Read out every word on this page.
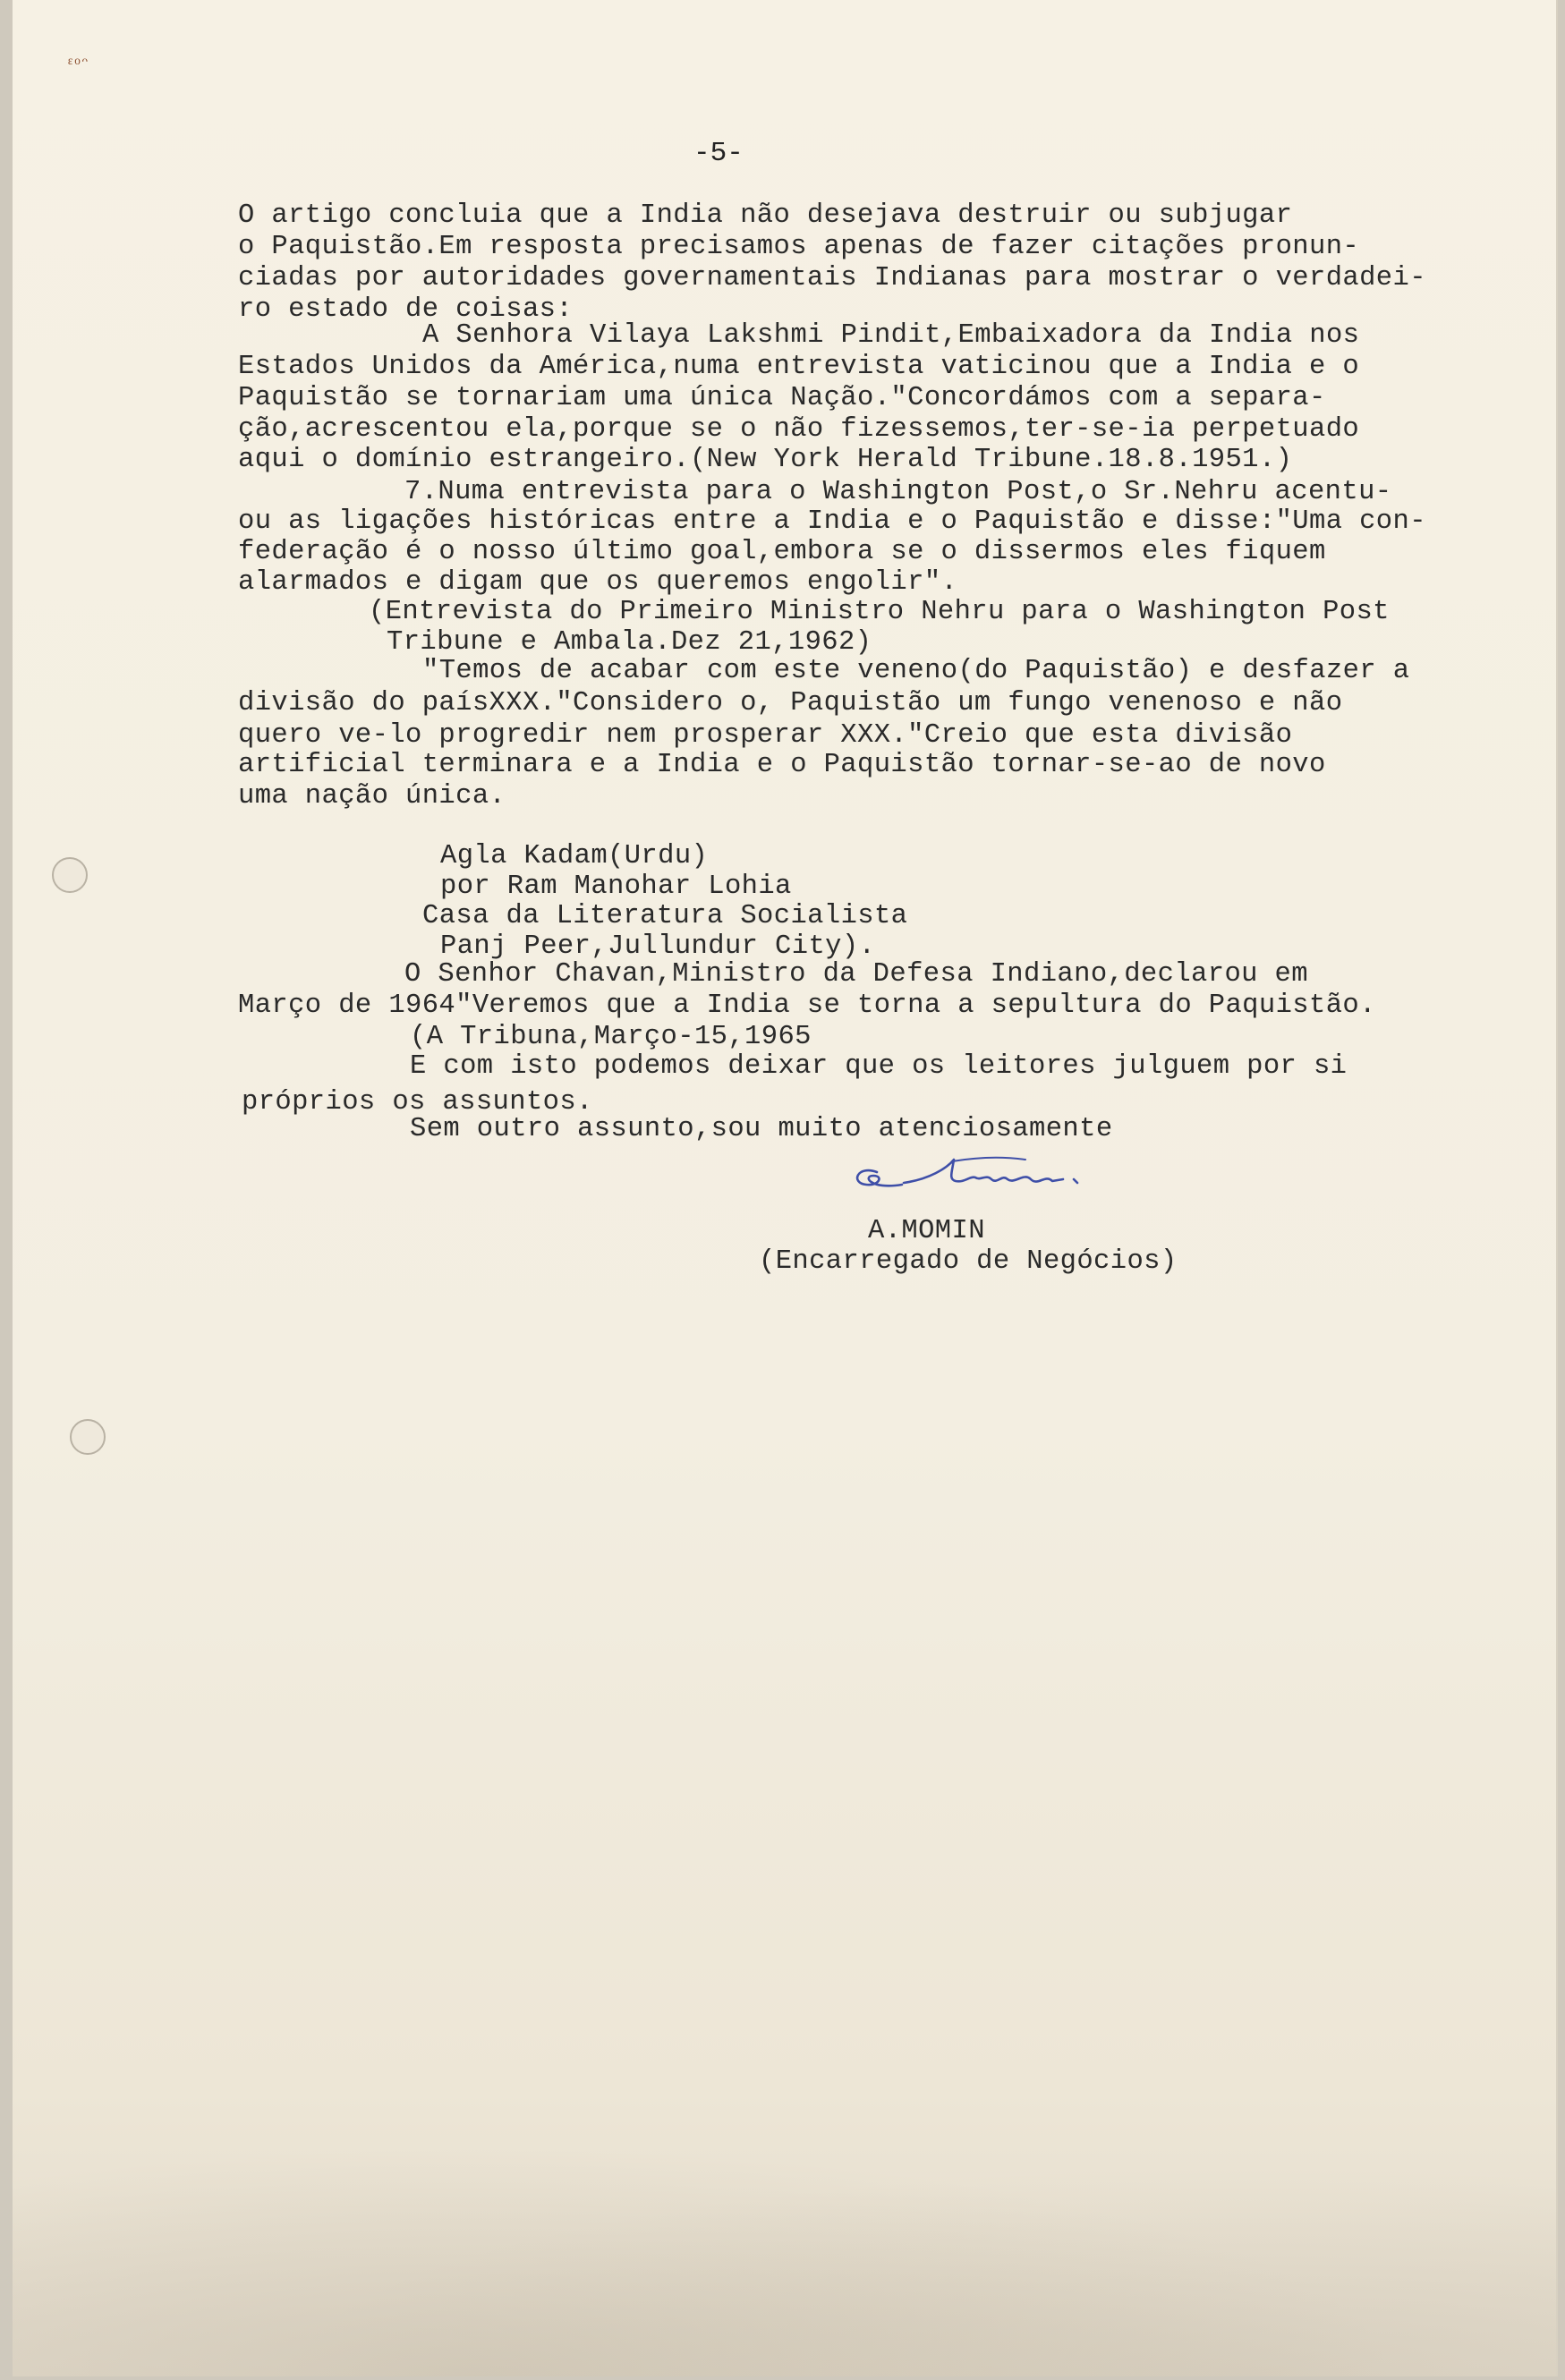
ᵋᵒᵔ
-5-
O artigo concluia que a India não desejava destruir ou subjugar
o Paquistão.Em resposta precisamos apenas de fazer citações pronun-
ciadas por autoridades governamentais Indianas para mostrar o verdadei-
ro estado de coisas:
A Senhora Vilaya Lakshmi Pindit,Embaixadora da India nos
Estados Unidos da América,numa entrevista vaticinou que a India e o
Paquistão se tornariam uma única Nação."Concordámos com a separa-
ção,acrescentou ela,porque se o não fizessemos,ter-se-ia perpetuado
aqui o domínio estrangeiro.(New York Herald Tribune.18.8.1951.)
7.Numa entrevista para o Washington Post,o Sr.Nehru acentu-
ou as ligações históricas entre a India e o Paquistão e disse:"Uma con-
federação é o nosso último goal,embora se o dissermos eles fiquem
alarmados e digam que os queremos engolir".
(Entrevista do Primeiro Ministro Nehru para o Washington Post
Tribune e Ambala.Dez 21,1962)
"Temos de acabar com este veneno(do Paquistão) e desfazer a
divisão do paísXXX."Considero o, Paquistão um fungo venenoso e não
quero ve-lo progredir nem prosperar XXX."Creio que esta divisão
artificial terminara e a India e o Paquistão tornar-se-ao de novo
uma nação única.
Agla Kadam(Urdu)
por Ram Manohar Lohia
Casa da Literatura Socialista
Panj Peer,Jullundur City).
O Senhor Chavan,Ministro da Defesa Indiano,declarou em
Março de 1964"Veremos que a India se torna a sepultura do Paquistão.
(A Tribuna,Março-15,1965
E com isto podemos deixar que os leitores julguem por si
próprios os assuntos.
Sem outro assunto,sou muito atenciosamente
A.MOMIN
(Encarregado de Negócios)
